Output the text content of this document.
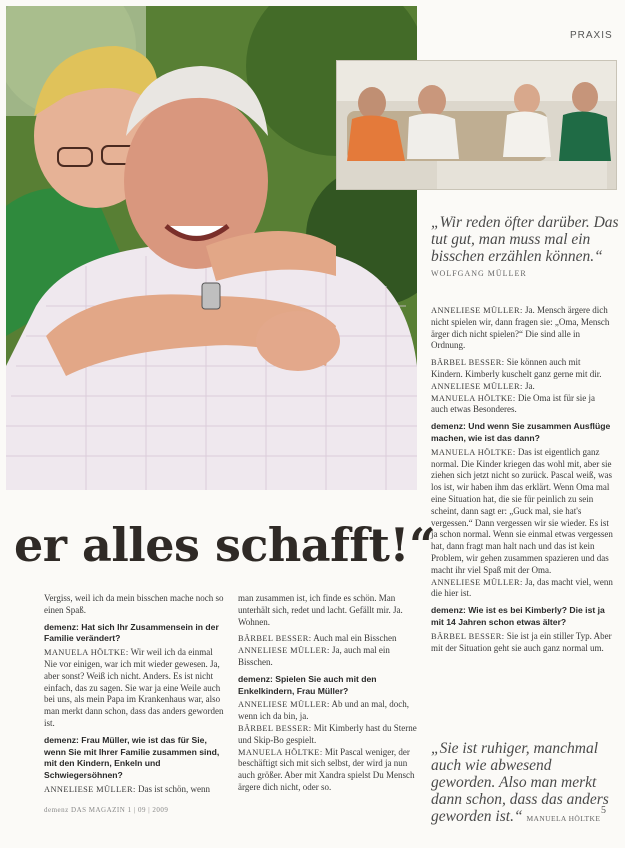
PRAXIS
er alles schafft!“
„Wir reden öfter darüber. Das tut gut, man muss mal ein bisschen erzählen können.“
WOLFGANG MÜLLER

ANNELIESE MÜLLER: Ja. Mensch ärgere dich nicht spielen wir, dann fragen sie: „Oma, Mensch ärger dich nicht spielen?“ Die sind alle in Ordnung.

BÄRBEL BESSER: Sie können auch mit Kindern. Kimberly kuschelt ganz gerne mit dir.
ANNELIESE MÜLLER: Ja.
MANUELA HÖLTKE: Die Oma ist für sie ja auch etwas Besonderes.

demenz: Und wenn Sie zusammen Ausflüge machen, wie ist das dann?

MANUELA HÖLTKE: Das ist eigentlich ganz normal. Die Kinder kriegen das wohl mit, aber sie ziehen sich jetzt nicht so zurück. Pascal weiß, was los ist, wir haben ihm das erklärt. Wenn Oma mal eine Situation hat, die sie für peinlich zu sein scheint, dann sagt er: „Guck mal, sie hat's vergessen.“ Dann vergessen wir sie wieder. Es ist ja schon normal. Wenn sie einmal etwas vergessen hat, dann fragt man halt nach und das ist kein Problem, wir gehen zusammen spazieren und das macht ihr viel Spaß mit der Oma.
ANNELIESE MÜLLER: Ja, das macht viel, wenn die hier ist.

demenz: Wie ist es bei Kimberly? Die ist ja mit 14 Jahren schon etwas älter?

BÄRBEL BESSER: Sie ist ja ein stiller Typ. Aber mit der Situation geht sie auch ganz normal um.

„Sie ist ruhiger, manchmal auch wie abwesend geworden. Also man merkt dann schon, dass das anders geworden ist.“ MANUELA HÖLTKE

Vergiss, weil ich da mein bisschen mache noch so einen Spaß.

demenz: Hat sich Ihr Zusammensein in der Familie verändert?

MANUELA HÖLTKE: Wir weil ich da einmal Nie vor einigen, war ich mit wieder gewesen. Ja, aber sonst? Weiß ich nicht. Anders. Es ist nicht einfach, das zu sagen. Sie war ja eine Weile auch bei uns, als mein Papa im Krankenhaus war, also man merkt dann schon, dass das anders geworden ist.

demenz: Frau Müller, wie ist das für Sie, wenn Sie mit Ihrer Familie zusammen sind, mit den Kindern, Enkeln und Schwiegersöhnen?

ANNELIESE MÜLLER: Das ist schön, wenn

man zusammen ist, ich finde es schön. Man unterhält sich, redet und lacht. Gefällt mir. Ja. Wohnen.

BÄRBEL BESSER: Auch mal ein Bisschen
ANNELIESE MÜLLER: Ja, auch mal ein Bisschen.

demenz: Spielen Sie auch mit den Enkelkindern, Frau Müller?

ANNELIESE MÜLLER: Ab und an mal, doch, wenn ich da bin, ja.
BÄRBEL BESSER: Mit Kimberly hast du Sterne und Skip-Bo gespielt.
MANUELA HÖLTKE: Mit Pascal weniger, der beschäftigt sich mit sich selbst, der wird ja nun auch größer. Aber mit Xandra spielst Du Mensch ärgere dich nicht, oder so.

demenz DAS MAGAZIN 1 | 09 | 2009	5
